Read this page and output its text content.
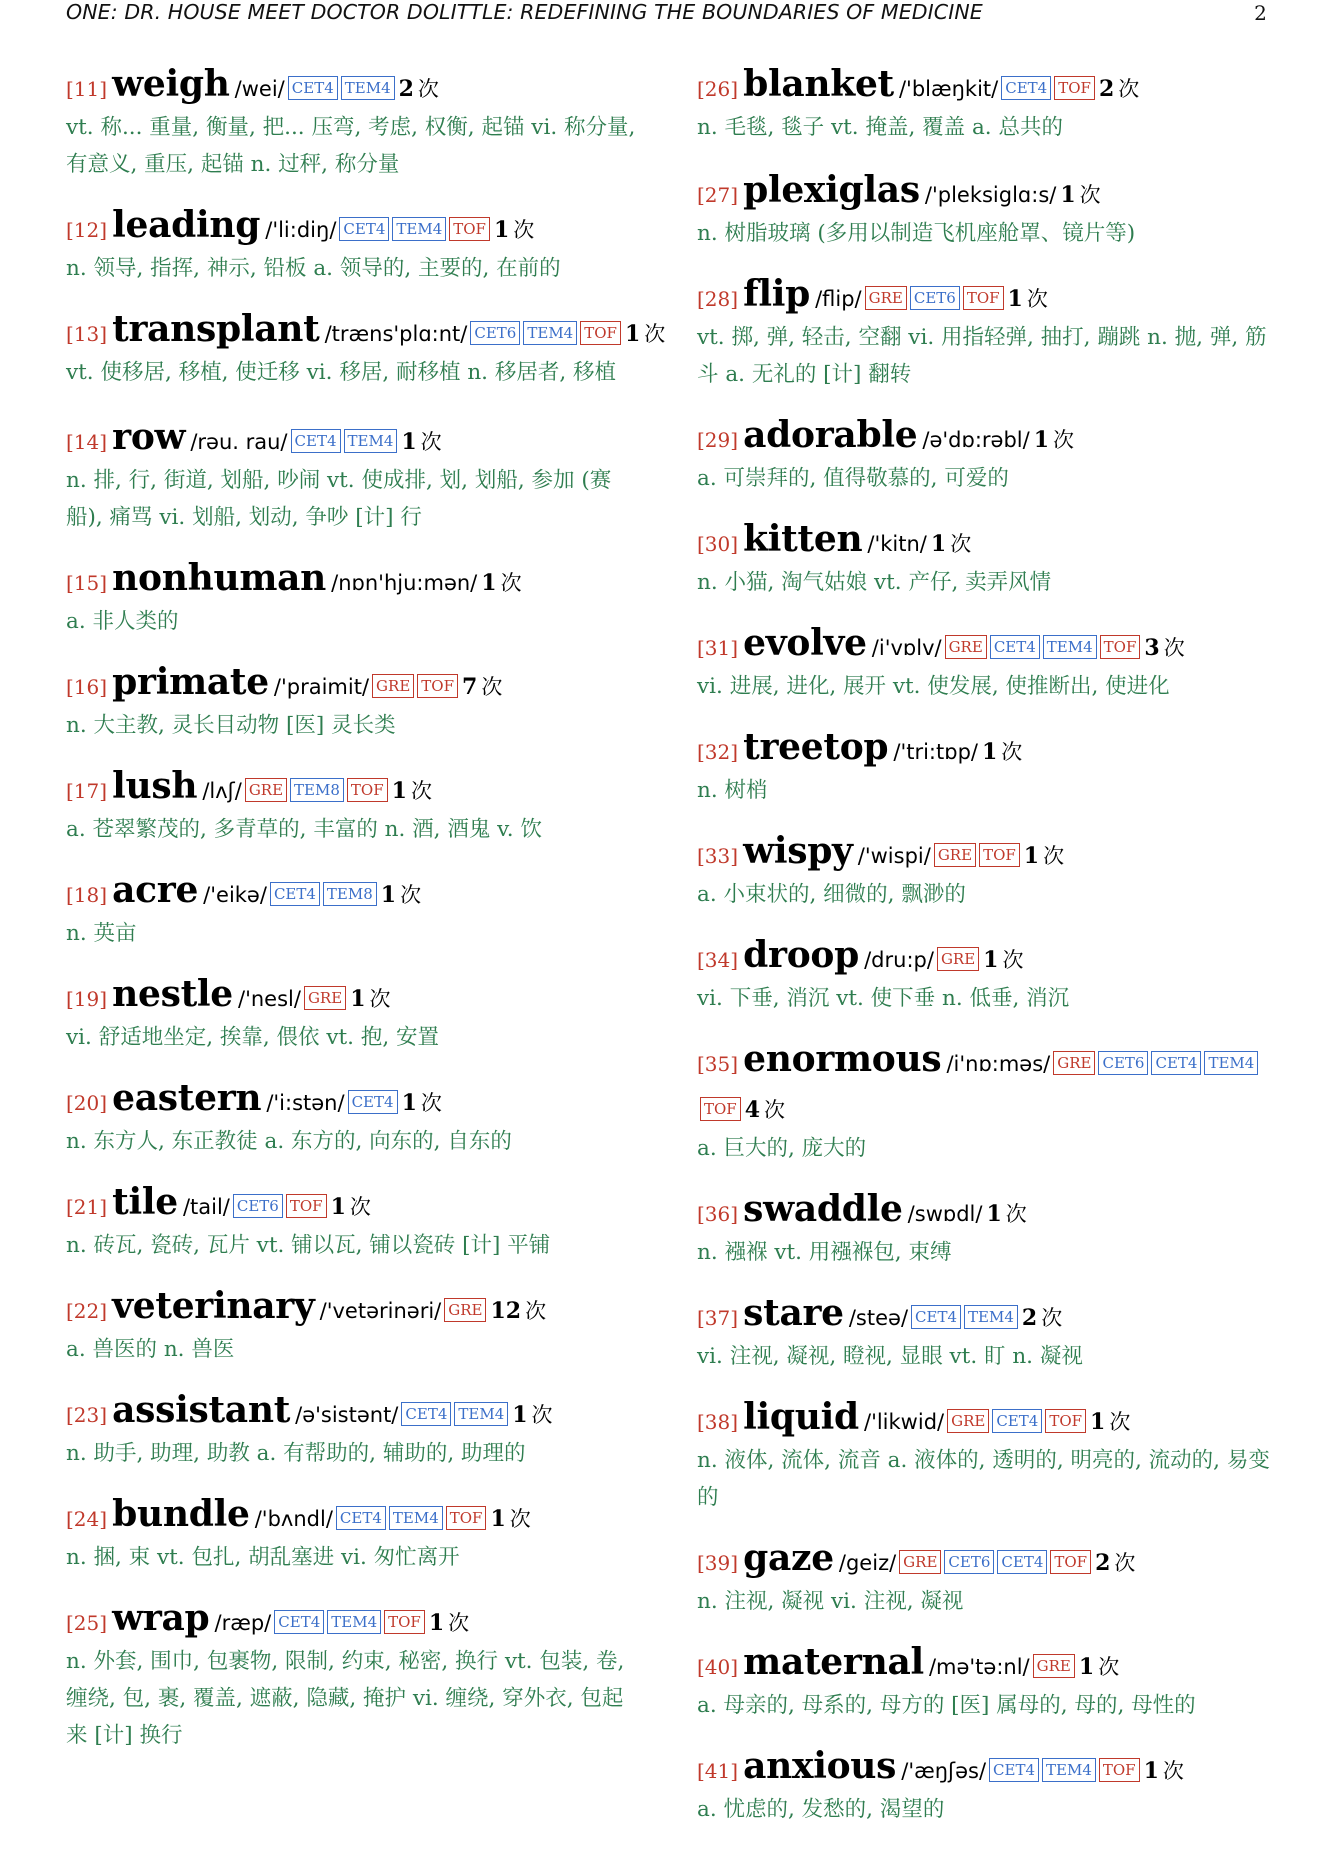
ONE: DR. HOUSE MEET DOCTOR DOLITTLE: REDEFINING THE BOUNDARIES OF MEDICINE	2
[11] weigh /wei/ CET4 TEM4 2 次
vt. 称... 重量, 衡量, 把... 压弯, 考虑, 权衡, 起锚 vi. 称分量, 有意义, 重压, 起锚 n. 过秤, 称分量
[12] leading /'li:diŋ/ CET4 TEM4 TOF 1 次
n. 领导, 指挥, 神示, 铅板 a. 领导的, 主要的, 在前的
[13] transplant /træns'plɑ:nt/ CET6 TEM4 TOF 1 次
vt. 使移居, 移植, 使迁移 vi. 移居, 耐移植 n. 移居者, 移植
[14] row /rəu. rau/ CET4 TEM4 1 次
n. 排, 行, 街道, 划船, 吵闹 vt. 使成排, 划, 划船, 参加 (赛船), 痛骂 vi. 划船, 划动, 争吵 [计] 行
[15] nonhuman /nɒn'hju:mən/ 1 次
a. 非人类的
[16] primate /'praimit/ GRE TOF 7 次
n. 大主教, 灵长目动物 [医] 灵长类
[17] lush /lʌʃ/ GRE TEM8 TOF 1 次
a. 苍翠繁茂的, 多青草的, 丰富的 n. 酒, 酒鬼 v. 饮
[18] acre /'eikə/ CET4 TEM8 1 次
n. 英亩
[19] nestle /'nesl/ GRE 1 次
vi. 舒适地坐定, 挨靠, 偎依 vt. 抱, 安置
[20] eastern /'i:stən/ CET4 1 次
n. 东方人, 东正教徒 a. 东方的, 向东的, 自东的
[21] tile /tail/ CET6 TOF 1 次
n. 砖瓦, 瓷砖, 瓦片 vt. 铺以瓦, 铺以瓷砖 [计] 平铺
[22] veterinary /'vetərinəri/ GRE 12 次
a. 兽医的 n. 兽医
[23] assistant /ə'sistənt/ CET4 TEM4 1 次
n. 助手, 助理, 助教 a. 有帮助的, 辅助的, 助理的
[24] bundle /'bʌndl/ CET4 TEM4 TOF 1 次
n. 捆, 束 vt. 包扎, 胡乱塞进 vi. 匆忙离开
[25] wrap /ræp/ CET4 TEM4 TOF 1 次
n. 外套, 围巾, 包裹物, 限制, 约束, 秘密, 换行 vt. 包装, 卷, 缠绕, 包, 裹, 覆盖, 遮蔽, 隐藏, 掩护 vi. 缠绕, 穿外衣, 包起来 [计] 换行
[26] blanket /'blæŋkit/ CET4 TOF 2 次
n. 毛毯, 毯子 vt. 掩盖, 覆盖 a. 总共的
[27] plexiglas /'pleksiglɑ:s/ 1 次
n. 树脂玻璃 (多用以制造飞机座舱罩、镜片等)
[28] flip /flip/ GRE CET6 TOF 1 次
vt. 掷, 弹, 轻击, 空翻 vi. 用指轻弹, 抽打, 蹦跳 n. 抛, 弹, 筋斗 a. 无礼的 [计] 翻转
[29] adorable /ə'dɒ:rəbl/ 1 次
a. 可崇拜的, 值得敬慕的, 可爱的
[30] kitten /'kitn/ 1 次
n. 小猫, 淘气姑娘 vt. 产仔, 卖弄风情
[31] evolve /i'vɒlv/ GRE CET4 TEM4 TOF 3 次
vi. 进展, 进化, 展开 vt. 使发展, 使推断出, 使进化
[32] treetop /'tri:tɒp/ 1 次
n. 树梢
[33] wispy /'wispi/ GRE TOF 1 次
a. 小束状的, 细微的, 飘渺的
[34] droop /dru:p/ GRE 1 次
vi. 下垂, 消沉 vt. 使下垂 n. 低垂, 消沉
[35] enormous /i'nɒ:məs/ GRE CET6 CET4 TEM4
TOF 4 次
a. 巨大的, 庞大的
[36] swaddle /swɒdl/ 1 次
n. 襁褓 vt. 用襁褓包, 束缚
[37] stare /steə/ CET4 TEM4 2 次
vi. 注视, 凝视, 瞪视, 显眼 vt. 盯 n. 凝视
[38] liquid /'likwid/ GRE CET4 TOF 1 次
n. 液体, 流体, 流音 a. 液体的, 透明的, 明亮的, 流动的, 易变的
[39] gaze /geiz/ GRE CET6 CET4 TOF 2 次
n. 注视, 凝视 vi. 注视, 凝视
[40] maternal /mə'tə:nl/ GRE 1 次
a. 母亲的, 母系的, 母方的 [医] 属母的, 母的, 母性的
[41] anxious /'æŋʃəs/ CET4 TEM4 TOF 1 次
a. 忧虑的, 发愁的, 渴望的
